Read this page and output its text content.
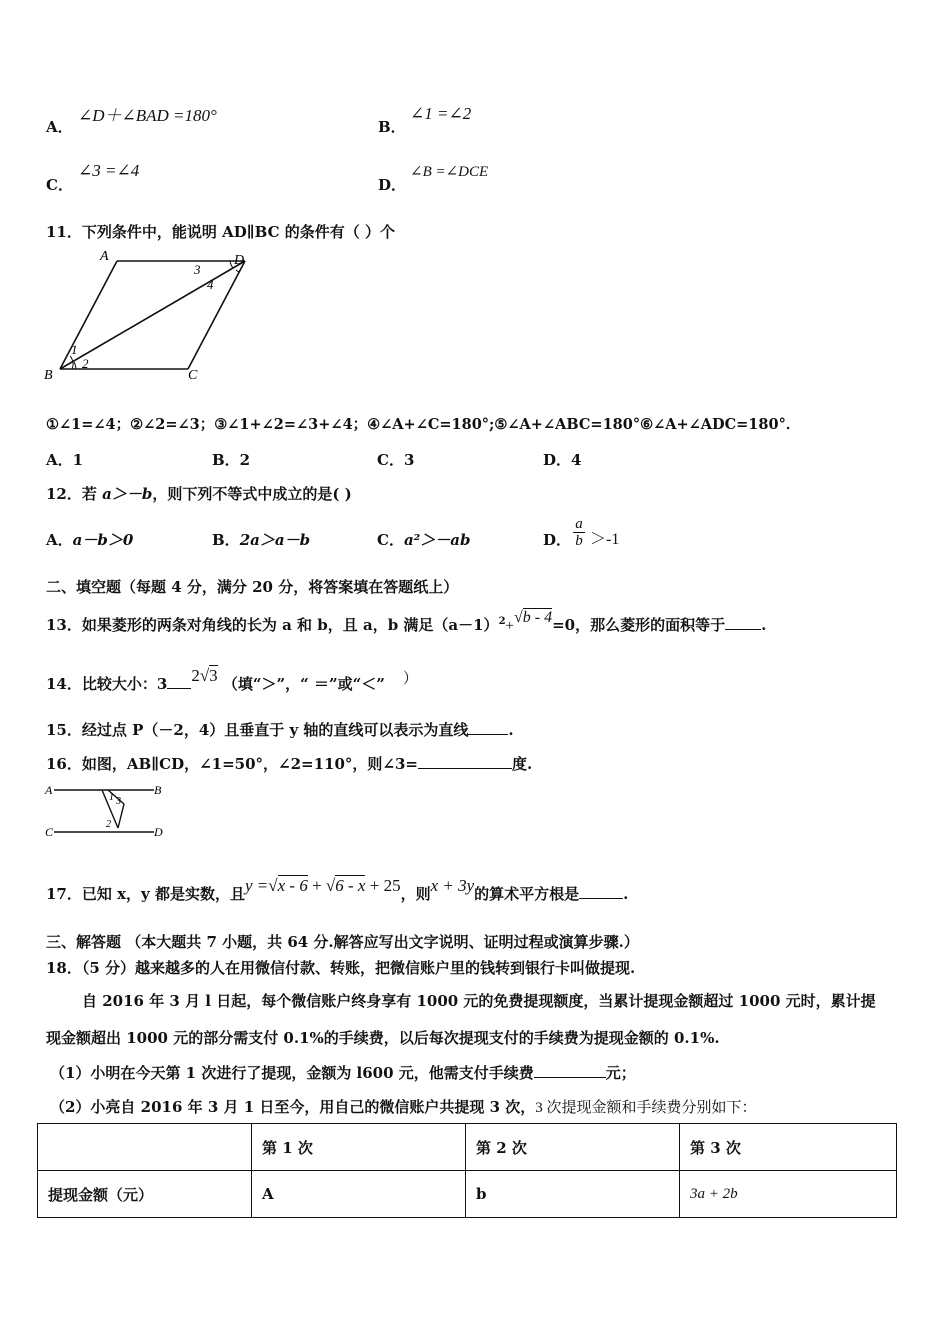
A．
∠D＋∠BAD =180°
B．
∠1 =∠2
C．
∠3 =∠4
D．
∠B =∠DCE
11．下列条件中，能说明 AD∥BC 的条件有（ ）个
A	D
B	C
1
2
3
4
①∠1=∠4；②∠2=∠3；③∠1+∠2=∠3+∠4；④∠A+∠C=180°;⑤∠A+∠ABC=180°⑥∠A+∠ADC=180°．
A．1	B．2	C．3	D．4
12．若 a＞－b，则下列不等式中成立的是( )
A．a－b＞0	B．2a＞a－b	C．a²＞－ab	D．
a
b ＞-1
二、填空题（每题 4 分，满分 20 分，将答案填在答题纸上）
13．如果菱形的两条对角线的长为 a 和 b，且 a，b 满足$(a-1)^2+√b - 4=0$，那么菱形的面积等于 .
14．比较大小：3 2√3 （填“＞”，“ ＝”或“＜” ）
15．经过点 P（－2，4）且垂直于 y 轴的直线可以表示为直线	.
16．如图，AB∥CD，∠1=50°，∠2=110°，则∠3=	度.
A	B
C	D
1 3
2
17．已知 x，y 都是实数，且y =√x - 6 + √6 - x + 25，则x + 3y的算术平方根是	.
三、解答题 （本大题共 7 小题，共 64 分.解答应写出文字说明、证明过程或演算步骤.）
18．（5 分）越来越多的人在用微信付款、转账，把微信账户里的钱转到银行卡叫做提现.
自 2016 年 3 月 l 日起，每个微信账户终身享有 1000 元的免费提现额度，当累计提现金额超过 1000 元时，累计提
现金额超出 1000 元的部分需支付 0.1%的手续费，以后每次提现支付的手续费为提现金额的 0.1%.
（1）小明在今天第 1 次进行了提现，金额为 l600 元，他需支付手续费	元；
（2）小亮自 2016 年 3 月 1 日至今，用自己的微信账户共提现 3 次，3 次提现金额和手续费分别如下：
	第 1 次	第 2 次	第 3 次
提现金额（元）	A	b	3a + 2b
